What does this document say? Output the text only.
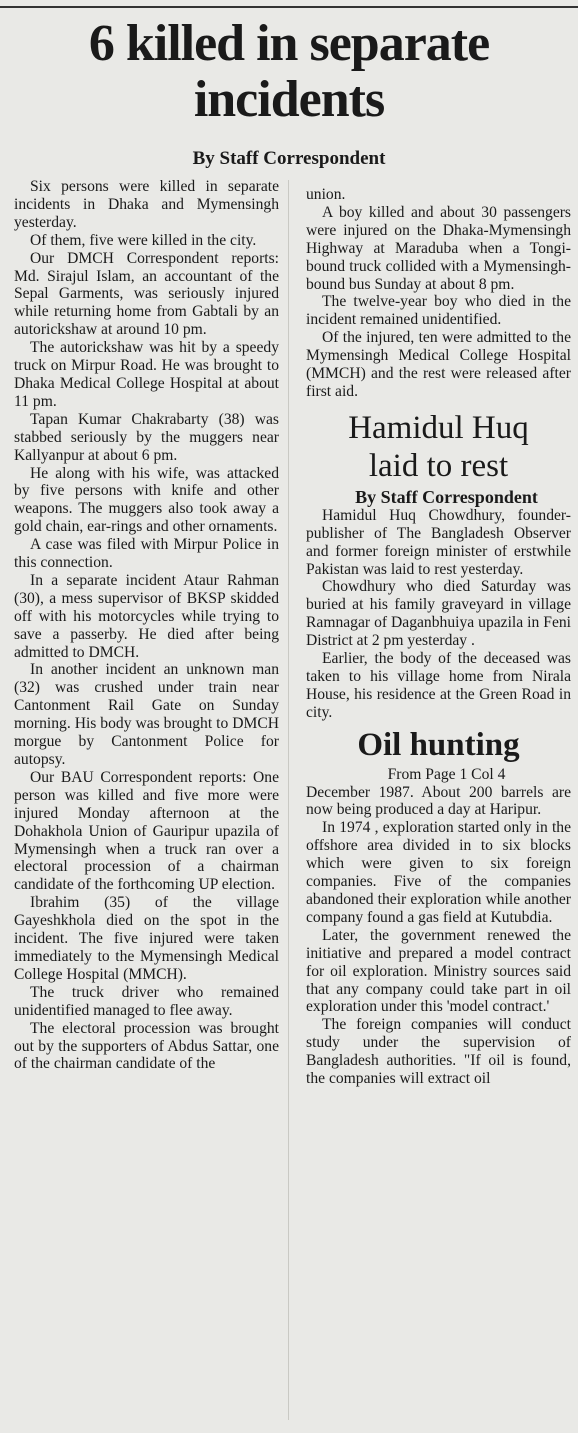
6 killed in separate
incidents

By Staff Correspondent

Six persons were killed in separate incidents in Dhaka and Mymensingh yesterday.

Of them, five were killed in the city.

Our DMCH Correspondent reports: Md. Sirajul Islam, an accountant of the Sepal Garments, was seriously injured while returning home from Gabtali by an autorickshaw at around 10 pm.

The autorickshaw was hit by a speedy truck on Mirpur Road. He was brought to Dhaka Medical College Hospital at about 11 pm.

Tapan Kumar Chakrabarty (38) was stabbed seriously by the muggers near Kallyanpur at about 6 pm.

He along with his wife, was attacked by five persons with knife and other weapons. The muggers also took away a gold chain, ear-rings and other ornaments.

A case was filed with Mirpur Police in this connection.

In a separate incident Ataur Rahman (30), a mess supervisor of BKSP skidded off with his motorcycles while trying to save a passerby. He died after being admitted to DMCH.

In another incident an unknown man (32) was crushed under train near Cantonment Rail Gate on Sunday morning. His body was brought to DMCH morgue by Cantonment Police for autopsy.

Our BAU Correspondent reports: One person was killed and five more were injured Monday afternoon at the Dohakhola Union of Gauripur upazila of Mymensingh when a truck ran over a electoral procession of a chairman candidate of the forthcoming UP election.

Ibrahim (35) of the village Gayeshkhola died on the spot in the incident. The five injured were taken immediately to the Mymensingh Medical College Hospital (MMCH).

The truck driver who remained unidentified managed to flee away.

The electoral procession was brought out by the supporters of Abdus Sattar, one of the chairman candidate of the

union.

A boy killed and about 30 passengers were injured on the Dhaka-Mymensingh Highway at Maraduba when a Tongi-bound truck collided with a Mymensingh-bound bus Sunday at about 8 pm.

The twelve-year boy who died in the incident remained unidentified.

Of the injured, ten were admitted to the Mymensingh Medical College Hospital (MMCH) and the rest were released after first aid.

Hamidul Huq
laid to rest

By Staff Correspondent

Hamidul Huq Chowdhury, founder-publisher of The Bangladesh Observer and former foreign minister of erstwhile Pakistan was laid to rest yesterday.

Chowdhury who died Saturday was buried at his family graveyard in village Ramnagar of Daganbhuiya upazila in Feni District at 2 pm yesterday .

Earlier, the body of the deceased was taken to his village home from Nirala House, his residence at the Green Road in city.

Oil hunting

From Page 1 Col 4

December 1987. About 200 barrels are now being produced a day at Haripur.

In 1974 , exploration started only in the offshore area divided in to six blocks which were given to six foreign companies. Five of the companies abandoned their exploration while another company found a gas field at Kutubdia.

Later, the government renewed the initiative and prepared a model contract for oil exploration. Ministry sources said that any company could take part in oil exploration under this 'model contract.'

The foreign companies will conduct study under the supervision of Bangladesh authorities. "If oil is found, the companies will extract oil
